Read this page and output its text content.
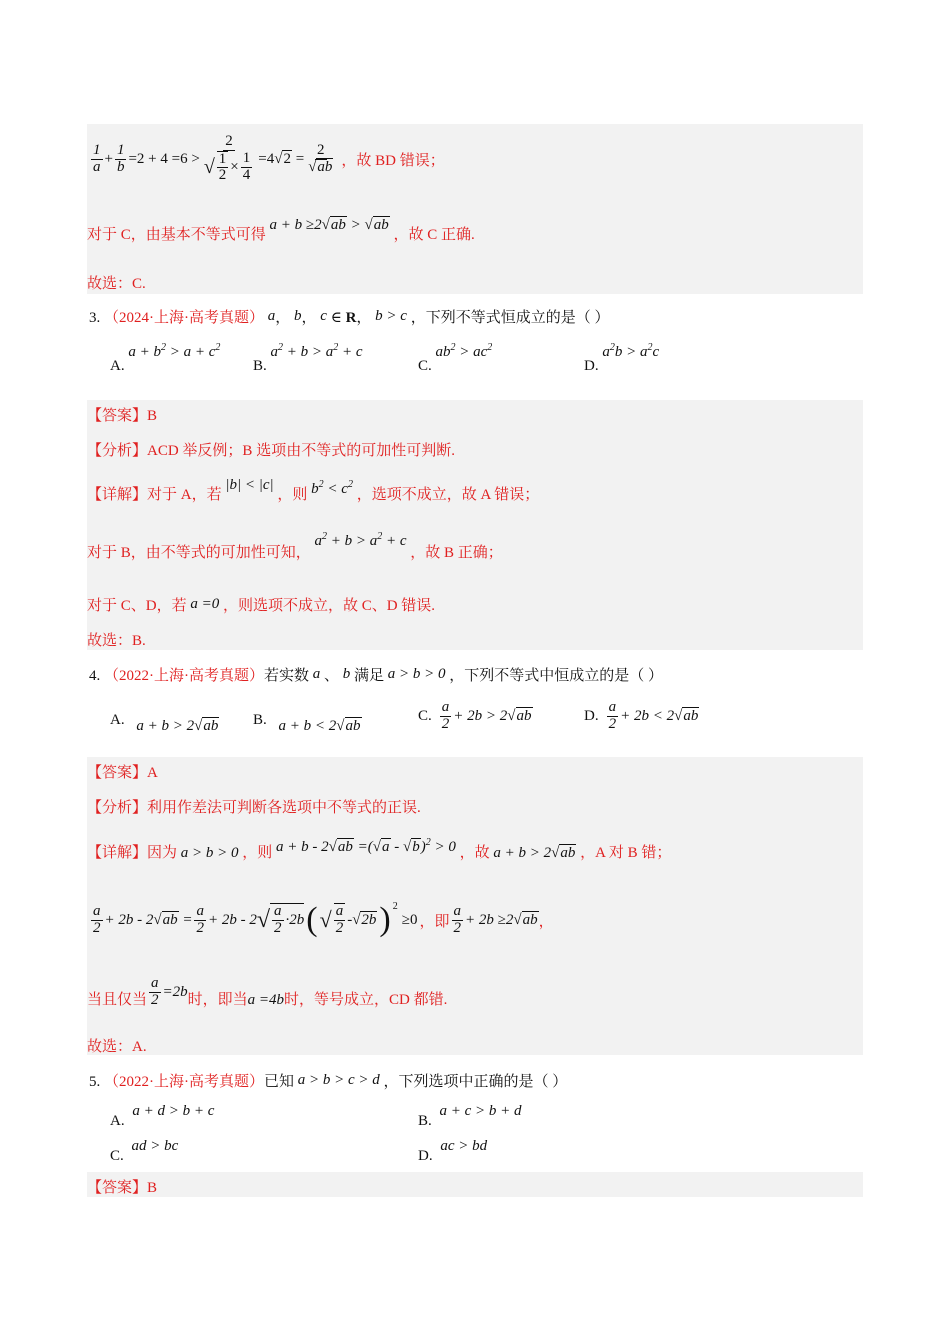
$\frac{1}{a} + \frac{1}{b} =2 + 4 =6 > \frac{2}{√ \frac{1}{2} \times \frac{1}{4}} =4√$ 2 = 2
√ ab ，故 BD 错误；
对于 C，由基本不等式可得 a + b ≥2√ ab > √ ab ，故 C 正确.
故选：C.
3. （2024·上海·高考真题） a， b， c ∈ R， b > c ，下列不等式恒成立的是（ ）
A. $a + b^2 > a + c^2$
B. $a^2 + b > a^2 + c$
C. $ab^2 > ac^2$
D. $a^2b > a^2c$
【答案】B
【分析】ACD 举反例；B 选项由不等式的可加性可判断.
【详解】对于 A，若 |b| < |c| ，则 $b^2 < c^2$ ，选项不成立，故 A 错误；
对于 B，由不等式的可加性可知， $a^2 + b > a^2 + c$ ，故 B 正确；
对于 C、D，若 a =0 ，则选项不成立，故 C、D 错误.
故选：B.
4. （2022·上海·高考真题）若实数 a 、 b 满足 a > b > 0 ，下列不等式中恒成立的是（ ）
A. a + b > 2√ ab B. a + b < 2√ ab
C. $\frac{a}{2} + 2b > 2√$ ab	D. $\frac{a}{2} + 2b < 2√$ ab
【答案】A
【分析】利用作差法可判断各选项中不等式的正误.
【详解】因为 a > b > 0 ，则 a + b - 2√ ab =(√ a - √ b)$^2$ > 0 ，故 a + b > 2√ ab ，A 对 B 错；
$\frac{a}{2} + 2b - 2√$ ab = $\frac{a}{2} + 2b - 2$ √ $\frac{a}{2} \cdot 2b$ ( √ $\frac{a}{2}$ -
√ 2b )$^2$
≥0 ，即 $\frac{a}{2} + 2b \ge 2√$ ab ，
当且仅当 $\frac{a}{2} =2b$ 时，即当 a =4b 时，等号成立，CD 都错.
故选：A.
5. （2022·上海·高考真题）已知 a > b > c > d ，下列选项中正确的是（ ）
A. a + d > b + c
B. a + c > b + d
C. ad > bc
D. ac > bd
【答案】B
